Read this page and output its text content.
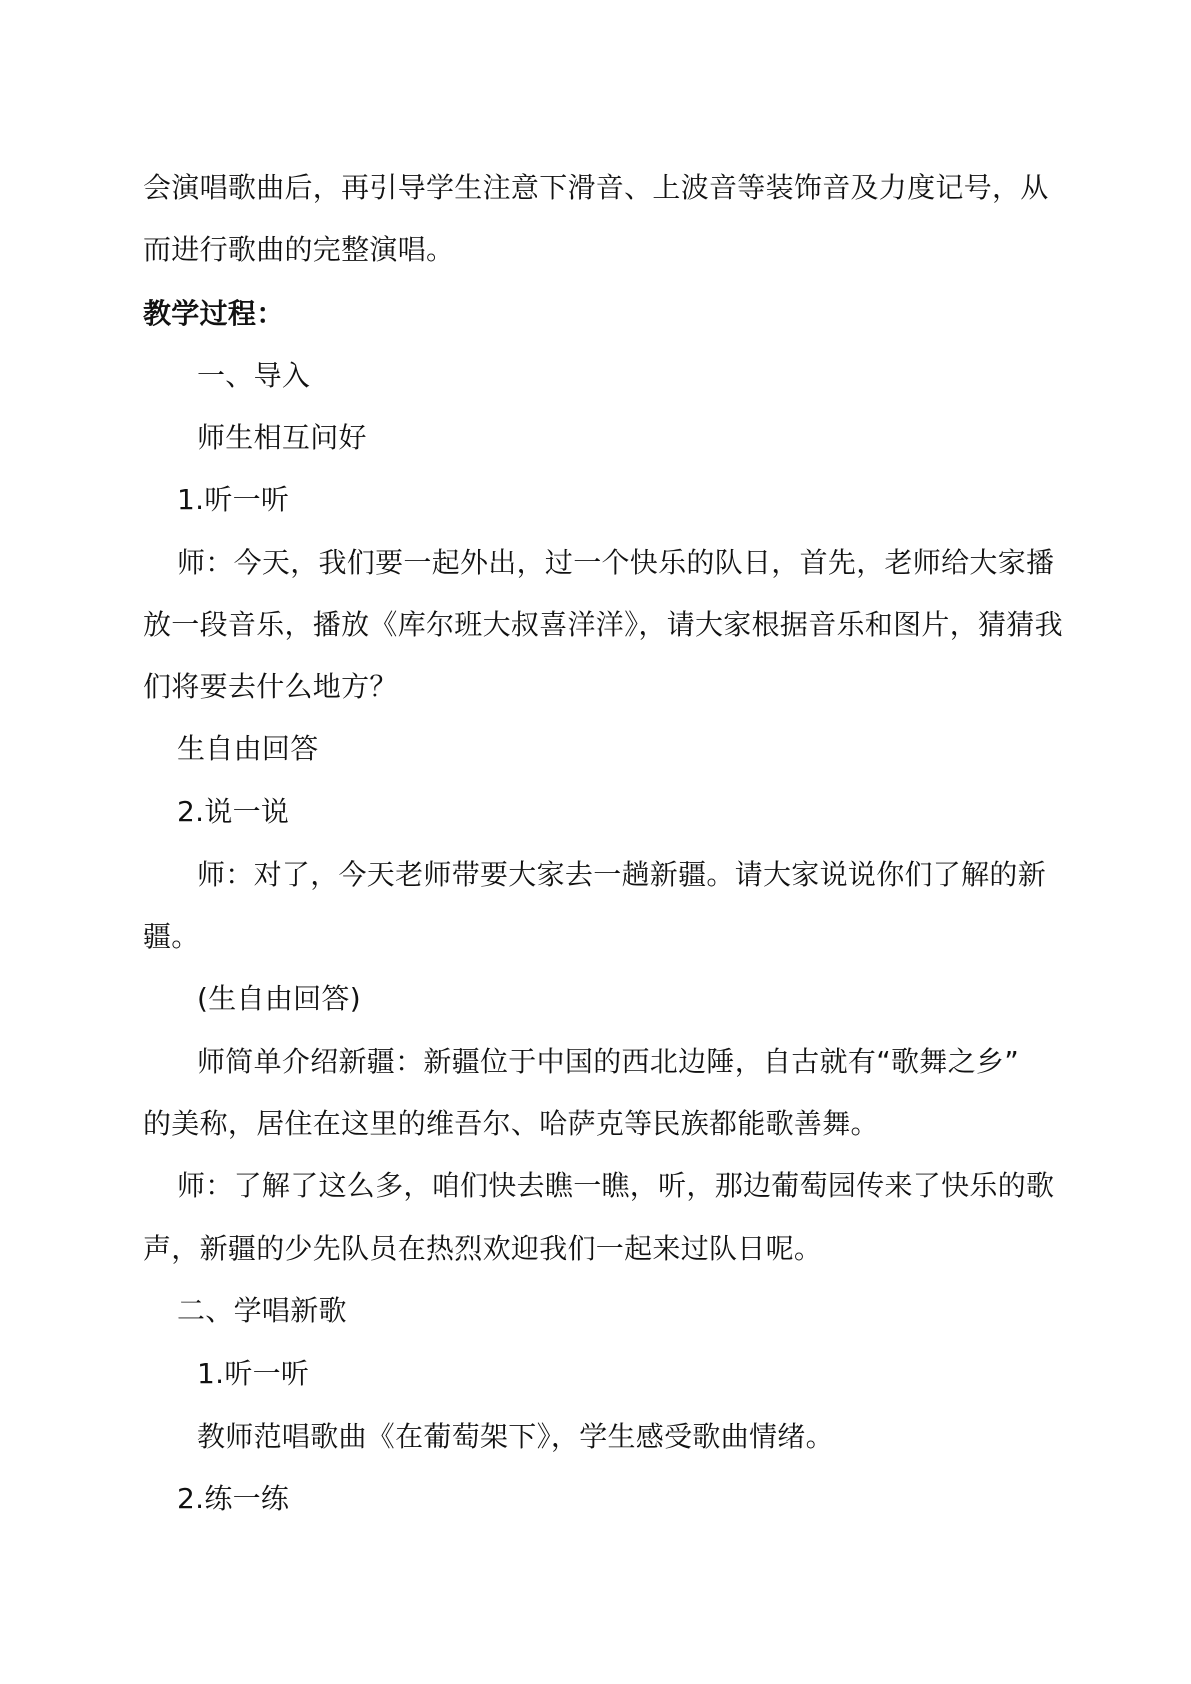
会演唱歌曲后，再引导学生注意下滑音、上波音等装饰音及力度记号，从
而进行歌曲的完整演唱。
教学过程：
一、导入
师生相互问好
1.听一听
师：今天，我们要一起外出，过一个快乐的队日，首先，老师给大家播
放一段音乐，播放《库尔班大叔喜洋洋》，请大家根据音乐和图片，猜猜我
们将要去什么地方？
生自由回答
2.说一说
师：对了，今天老师带要大家去一趟新疆。请大家说说你们了解的新
疆。
(生自由回答)
师简单介绍新疆：新疆位于中国的西北边陲，自古就有“歌舞之乡”
的美称，居住在这里的维吾尔、哈萨克等民族都能歌善舞。
师：了解了这么多，咱们快去瞧一瞧，听，那边葡萄园传来了快乐的歌
声，新疆的少先队员在热烈欢迎我们一起来过队日呢。
二、学唱新歌
1.听一听
教师范唱歌曲《在葡萄架下》，学生感受歌曲情绪。
2.练一练
